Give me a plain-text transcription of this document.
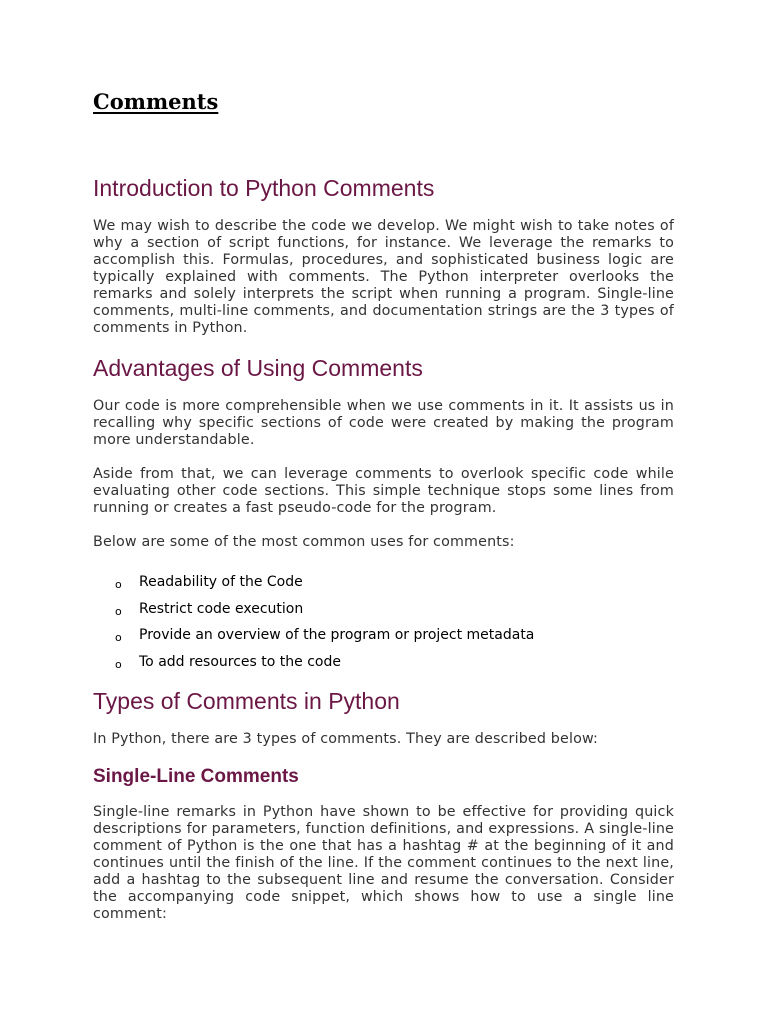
Comments
Introduction to Python Comments

We may wish to describe the code we develop. We might wish to take notes of why a section of script functions, for instance. We leverage the remarks to accomplish this. Formulas, procedures, and sophisticated business logic are typically explained with comments. The Python interpreter overlooks the remarks and solely interprets the script when running a program. Single-line comments, multi-line comments, and documentation strings are the 3 types of comments in Python.

Advantages of Using Comments

Our code is more comprehensible when we use comments in it. It assists us in recalling why specific sections of code were created by making the program more understandable.

Aside from that, we can leverage comments to overlook specific code while evaluating other code sections. This simple technique stops some lines from running or creates a fast pseudo-code for the program.

Below are some of the most common uses for comments:

o Readability of the Code
o Restrict code execution
o Provide an overview of the program or project metadata
o To add resources to the code
Types of Comments in Python

In Python, there are 3 types of comments. They are described below:

Single-Line Comments

Single-line remarks in Python have shown to be effective for providing quick descriptions for parameters, function definitions, and expressions. A single-line comment of Python is the one that has a hashtag # at the beginning of it and continues until the finish of the line. If the comment continues to the next line, add a hashtag to the subsequent line and resume the conversation. Consider the accompanying code snippet, which shows how to use a single line comment:
